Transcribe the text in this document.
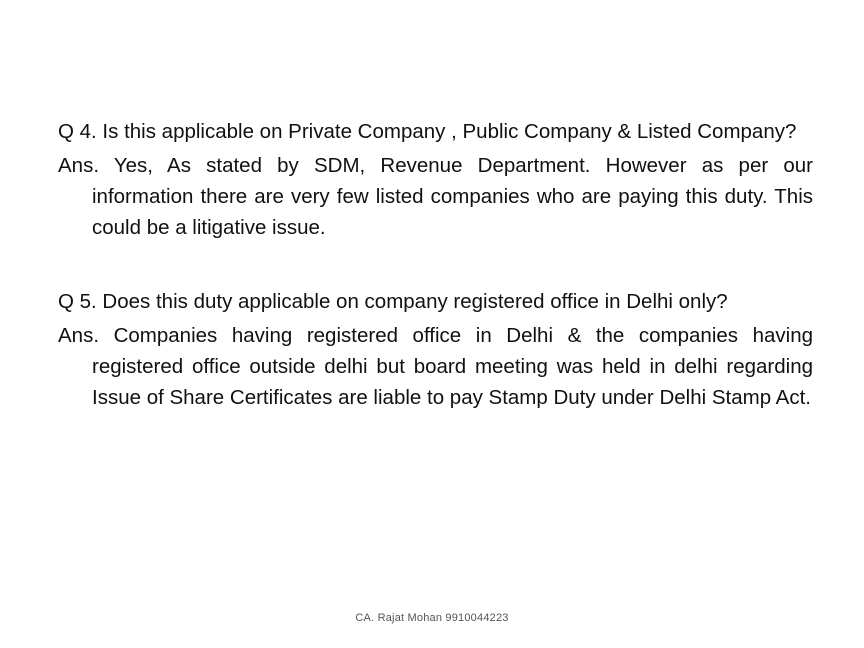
Q 4. Is this applicable on Private Company , Public Company & Listed Company?

Ans. Yes, As stated by SDM, Revenue Department. However as per our information there are very few listed companies who are paying this duty. This could be a litigative issue.

Q 5. Does this duty applicable on company registered office in Delhi only?

Ans. Companies having registered office in Delhi & the companies having registered office outside delhi but board meeting was held in delhi regarding Issue of Share Certificates are liable to pay Stamp Duty under Delhi Stamp Act.

CA. Rajat Mohan 9910044223
